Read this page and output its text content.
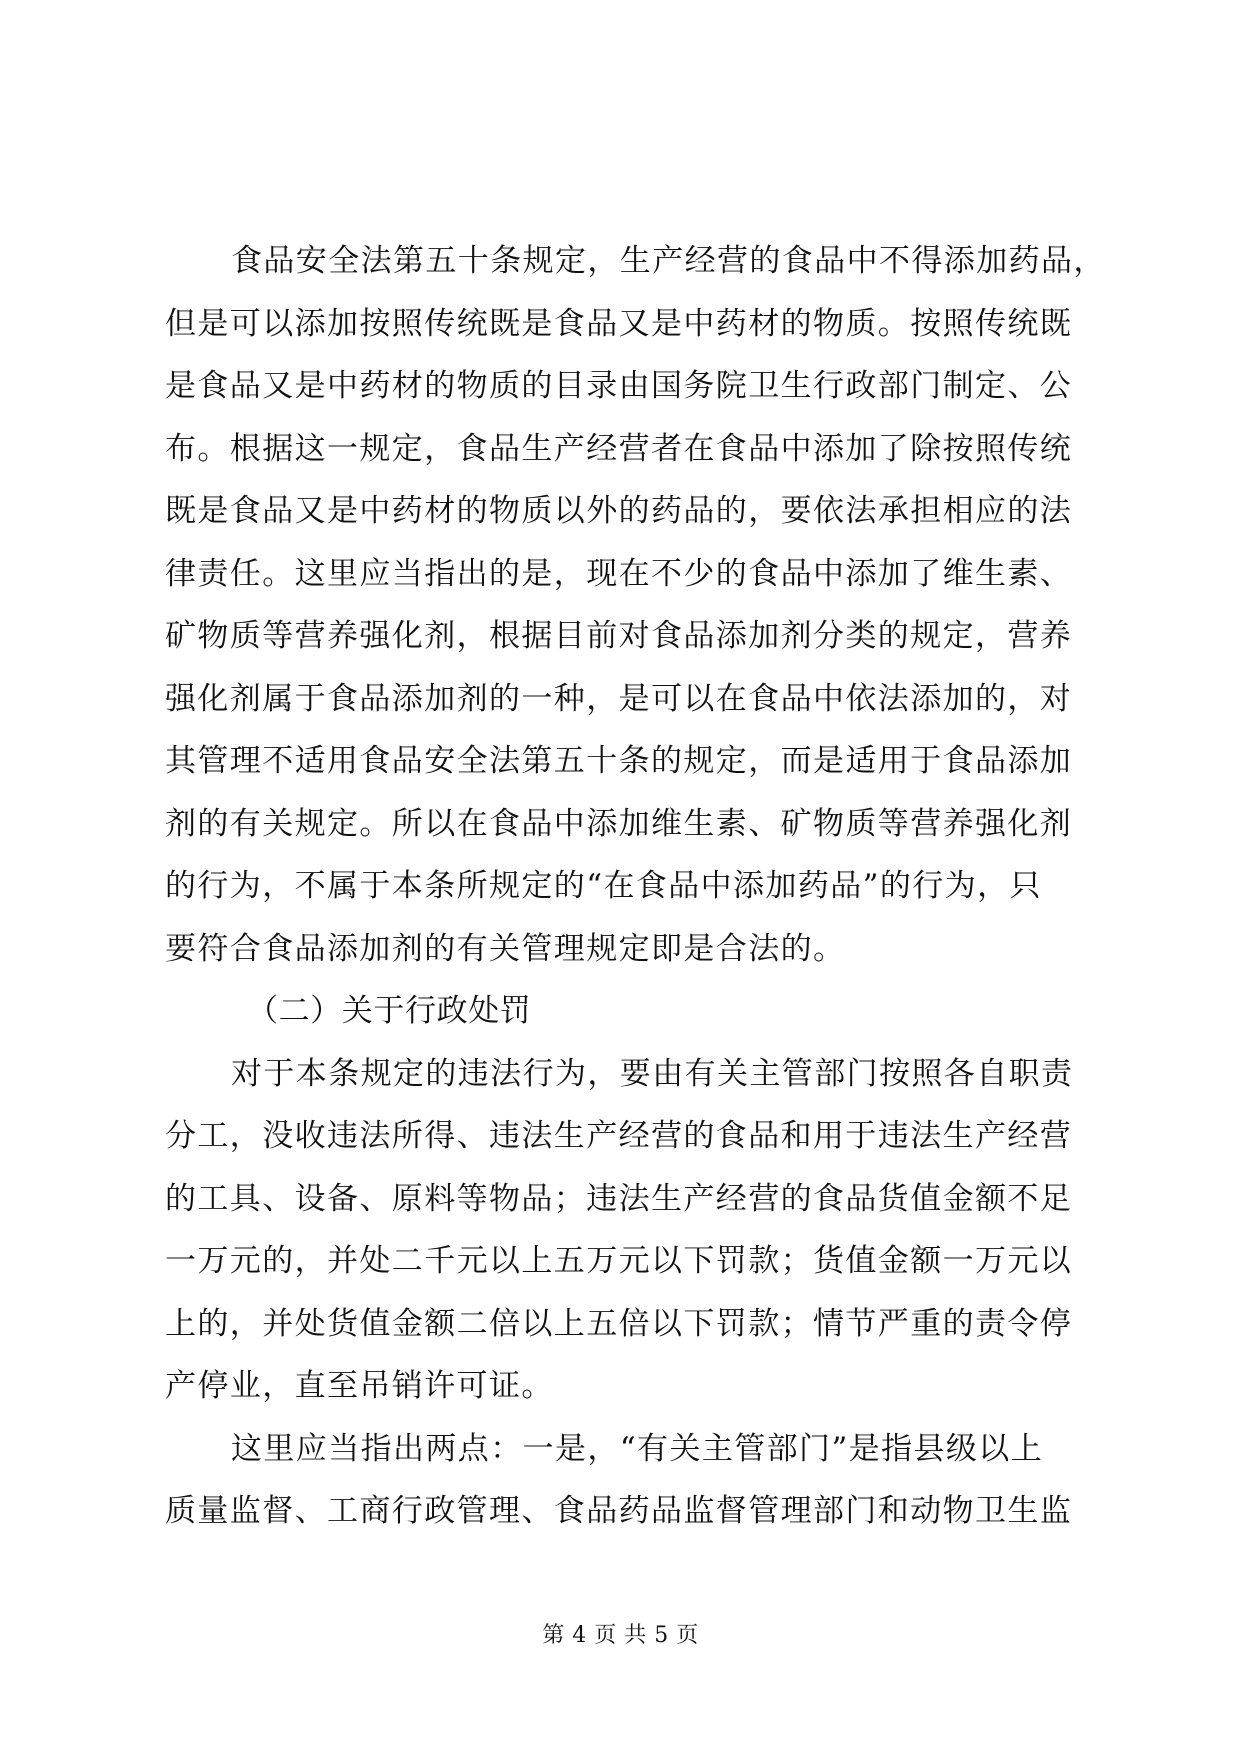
食品安全法第五十条规定，生产经营的食品中不得添加药品，
但是可以添加按照传统既是食品又是中药材的物质。按照传统既
是食品又是中药材的物质的目录由国务院卫生行政部门制定、公
布。根据这一规定，食品生产经营者在食品中添加了除按照传统
既是食品又是中药材的物质以外的药品的，要依法承担相应的法
律责任。这里应当指出的是，现在不少的食品中添加了维生素、
矿物质等营养强化剂，根据目前对食品添加剂分类的规定，营养
强化剂属于食品添加剂的一种，是可以在食品中依法添加的，对
其管理不适用食品安全法第五十条的规定，而是适用于食品添加
剂的有关规定。所以在食品中添加维生素、矿物质等营养强化剂
的行为，不属于本条所规定的“在食品中添加药品”的行为，只
要符合食品添加剂的有关管理规定即是合法的。
（二）关于行政处罚
对于本条规定的违法行为，要由有关主管部门按照各自职责
分工，没收违法所得、违法生产经营的食品和用于违法生产经营
的工具、设备、原料等物品；违法生产经营的食品货值金额不足
一万元的，并处二千元以上五万元以下罚款；货值金额一万元以
上的，并处货值金额二倍以上五倍以下罚款；情节严重的责令停
产停业，直至吊销许可证。
这里应当指出两点：一是，“有关主管部门”是指县级以上
质量监督、工商行政管理、食品药品监督管理部门和动物卫生监
第 4 页 共 5 页
